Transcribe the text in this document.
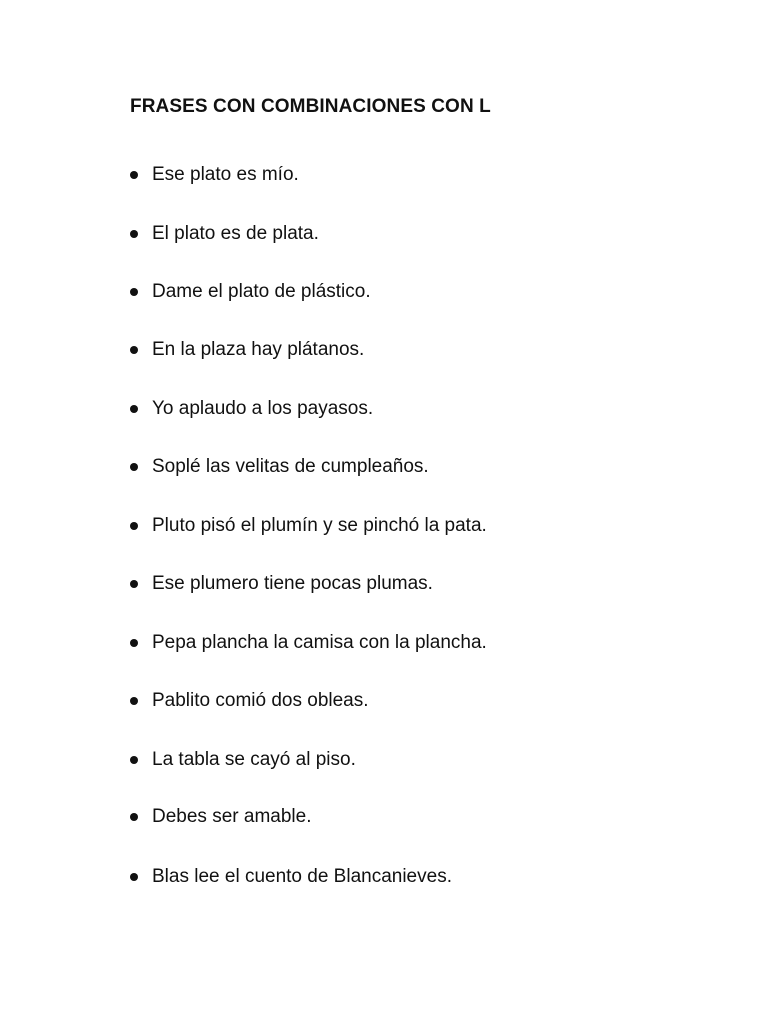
FRASES CON COMBINACIONES CON L
Ese plato es mío.
El plato es de plata.
Dame el plato de plástico.
En la plaza hay plátanos.
Yo aplaudo a los payasos.
Soplé las velitas de cumpleaños.
Pluto pisó el plumín y se pinchó la pata.
Ese plumero tiene pocas plumas.
Pepa plancha la camisa con la plancha.
Pablito comió dos obleas.
La tabla se cayó al piso.
Debes ser amable.
Blas lee el cuento de Blancanieves.
